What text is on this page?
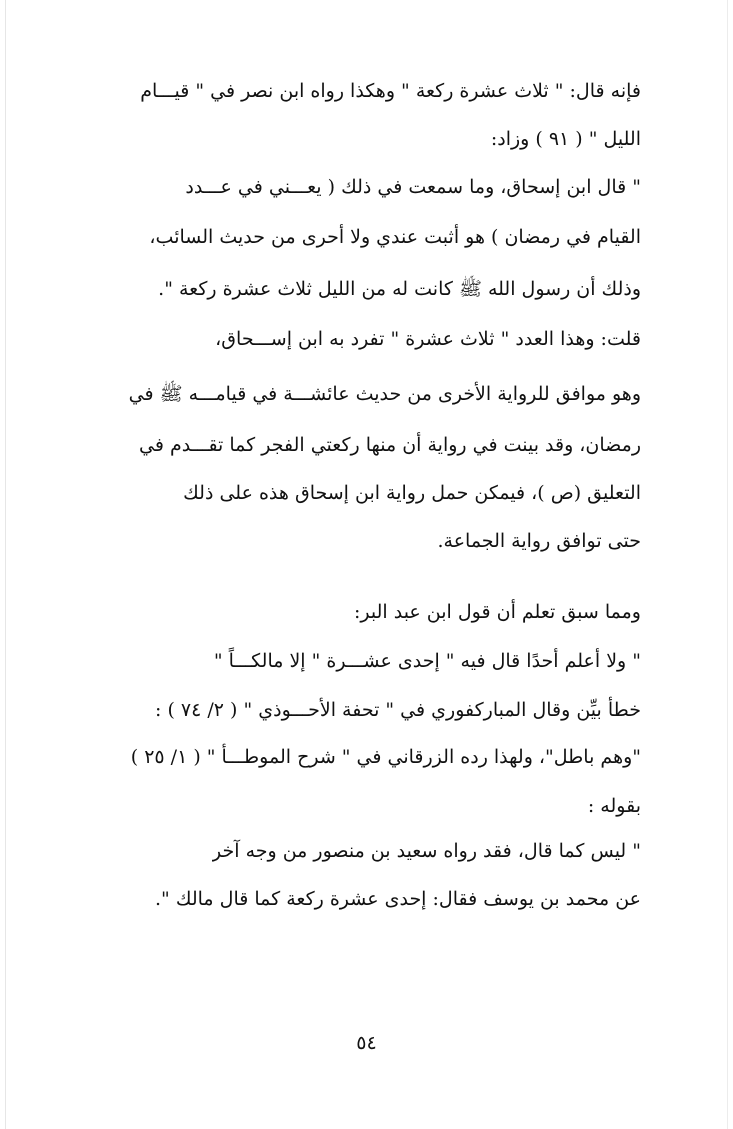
فإنه قال: " ثلاث عشرة ركعة " وهكذا رواه ابن نصر في " قيـــام
الليل " ( ٩١ ) وزاد:
" قال ابن إسحاق، وما سمعت في ذلك ( يعـــني في عـــدد
القيام في رمضان ) هو أثبت عندي ولا أحرى من حديث السائب،
وذلك أن رسول الله ﷺ كانت له من الليل ثلاث عشرة ركعة ".
قلت: وهذا العدد " ثلاث عشرة " تفرد به ابن إســـحاق،
وهو موافق للرواية الأخرى من حديث عائشـــة في قيامـــه ﷺ في
رمضان، وقد بينت في رواية أن منها ركعتي الفجر كما تقـــدم في
التعليق (ص )، فيمكن حمل رواية ابن إسحاق هذه على ذلك
حتى توافق رواية الجماعة.
ومما سبق تعلم أن قول ابن عبد البر:
" ولا أعلم أحدًا قال فيه " إحدى عشـــرة " إلا مالكـــاً "
خطأ بيِّن وقال المباركفوري في " تحفة الأحـــوذي " ( ٢/ ٧٤ ) :
"وهم باطل"، ولهذا رده الزرقاني في " شرح الموطـــأ " ( ١/ ٢٥ )
بقوله :
" ليس كما قال، فقد رواه سعيد بن منصور من وجه آخر
عن محمد بن يوسف فقال: إحدى عشرة ركعة كما قال مالك ".
٥٤
